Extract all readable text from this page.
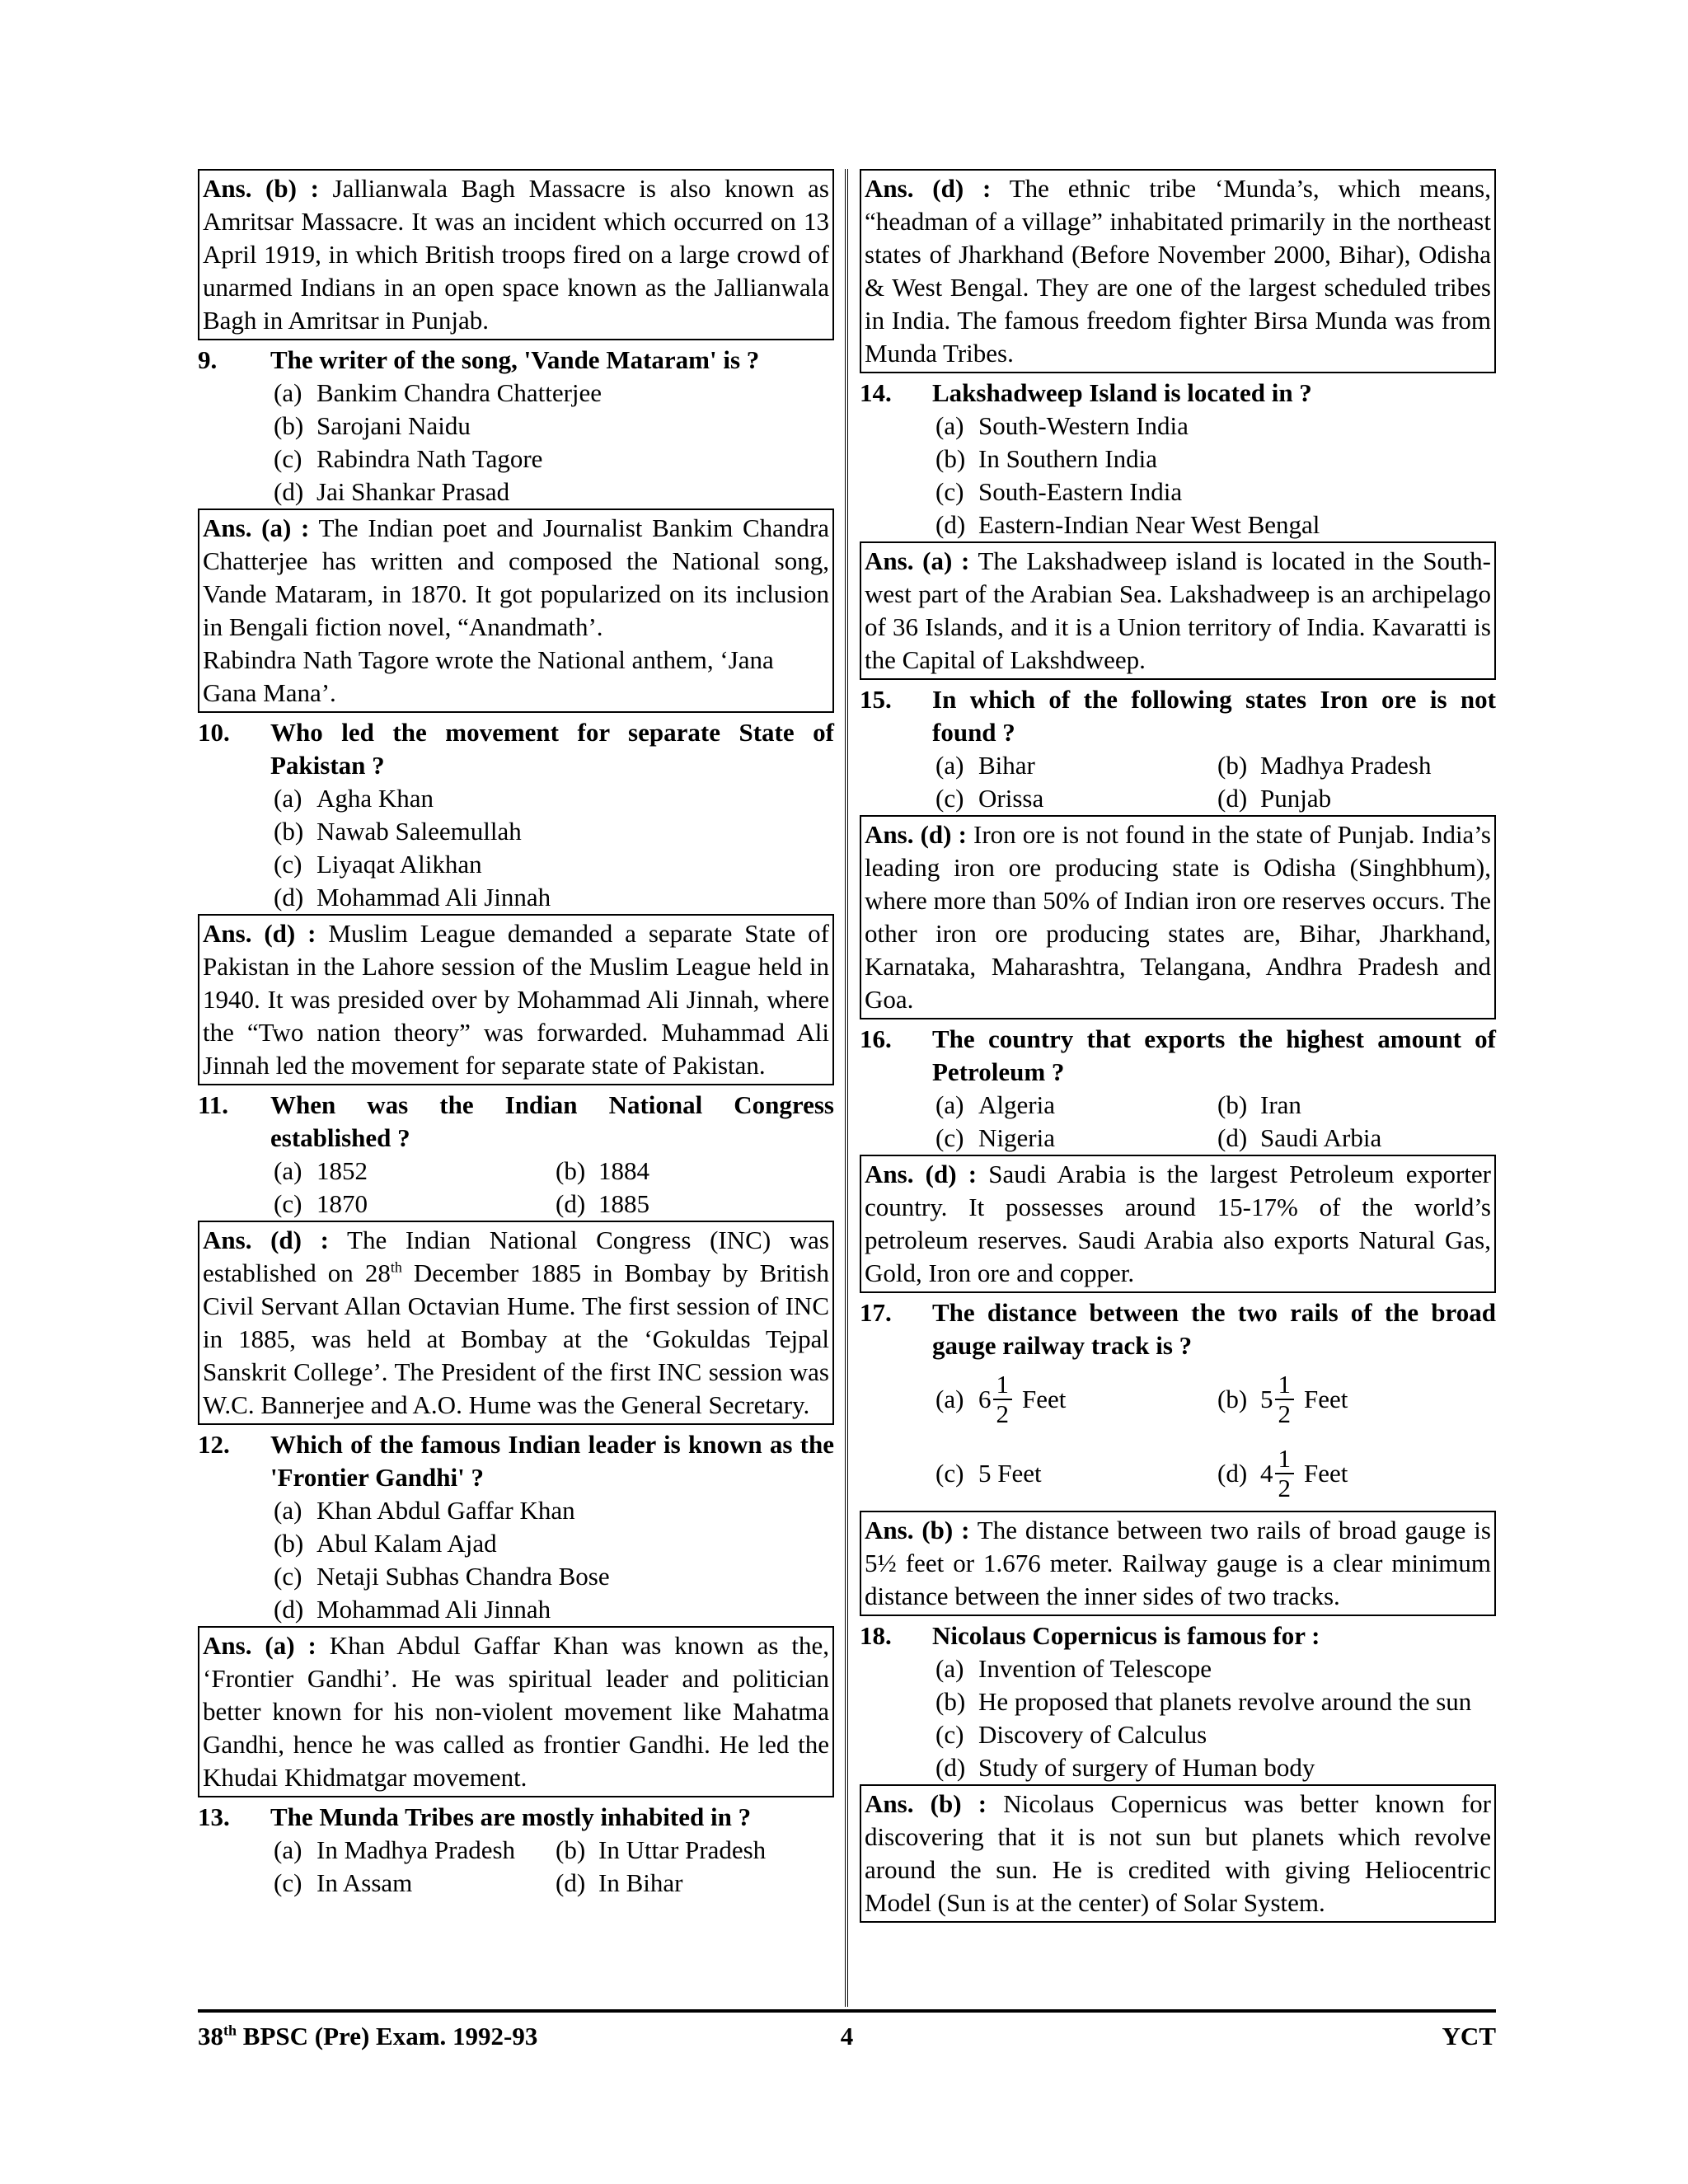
Ans. (b) : Jallianwala Bagh Massacre is also known as Amritsar Massacre. It was an incident which occurred on 13 April 1919, in which British troops fired on a large crowd of unarmed Indians in an open space known as the Jallianwala Bagh in Amritsar in Punjab.

9.	The writer of the song, 'Vande Mataram' is ?
(a) Bankim Chandra Chatterjee
(b) Sarojani Naidu
(c) Rabindra Nath Tagore
(d) Jai Shankar Prasad

Ans. (a) : The Indian poet and Journalist Bankim Chandra Chatterjee has written and composed the National song, Vande Mataram, in 1870. It got popularized on its inclusion in Bengali fiction novel, “Anandmath’.

Rabindra Nath Tagore wrote the National anthem, ‘Jana Gana Mana’.

10.	Who led the movement for separate State of Pakistan ?
(a) Agha Khan
(b) Nawab Saleemullah
(c) Liyaqat Alikhan
(d) Mohammad Ali Jinnah

Ans. (d) : Muslim League demanded a separate State of Pakistan in the Lahore session of the Muslim League held in 1940. It was presided over by Mohammad Ali Jinnah, where the “Two nation theory” was forwarded. Muhammad Ali Jinnah led the movement for separate state of Pakistan.

11.	When was the Indian National Congress established ?
(a) 1852	(b) 1884
(c) 1870	(d) 1885

Ans. (d) : The Indian National Congress (INC) was established on 28th December 1885 in Bombay by British Civil Servant Allan Octavian Hume. The first session of INC in 1885, was held at Bombay at the ‘Gokuldas Tejpal Sanskrit College’. The President of the first INC session was W.C. Bannerjee and A.O. Hume was the General Secretary.

12.	Which of the famous Indian leader is known as the 'Frontier Gandhi' ?
(a) Khan Abdul Gaffar Khan
(b) Abul Kalam Ajad
(c) Netaji Subhas Chandra Bose
(d) Mohammad Ali Jinnah

Ans. (a) : Khan Abdul Gaffar Khan was known as the, ‘Frontier Gandhi’. He was spiritual leader and politician better known for his non-violent movement like Mahatma Gandhi, hence he was called as frontier Gandhi. He led the Khudai Khidmatgar movement.

13.	The Munda Tribes are mostly inhabited in ?
(a) In Madhya Pradesh (b) In Uttar Pradesh
(c) In Assam	(d) In Bihar

Ans. (d) : The ethnic tribe ‘Munda’s, which means, “headman of a village” inhabitated primarily in the northeast states of Jharkhand (Before November 2000, Bihar), Odisha & West Bengal. They are one of the largest scheduled tribes in India. The famous freedom fighter Birsa Munda was from Munda Tribes.

14.	Lakshadweep Island is located in ?
(a) South-Western India
(b) In Southern India
(c) South-Eastern India
(d) Eastern-Indian Near West Bengal

Ans. (a) : The Lakshadweep island is located in the South-west part of the Arabian Sea. Lakshadweep is an archipelago of 36 Islands, and it is a Union territory of India. Kavaratti is the Capital of Lakshdweep.

15.	In which of the following states Iron ore is not found ?
(a) Bihar	(b) Madhya Pradesh
(c) Orissa	(d) Punjab

Ans. (d) : Iron ore is not found in the state of Punjab. India’s leading iron ore producing state is Odisha (Singhbhum), where more than 50% of Indian iron ore reserves occurs. The other iron ore producing states are, Bihar, Jharkhand, Karnataka, Maharashtra, Telangana, Andhra Pradesh and Goa.

16.	The country that exports the highest amount of Petroleum ?
(a) Algeria	(b) Iran
(c) Nigeria	(d) Saudi Arbia

Ans. (d) : Saudi Arabia is the largest Petroleum exporter country. It possesses around 15-17% of the world’s petroleum reserves. Saudi Arabia also exports Natural Gas, Gold, Iron ore and copper.

17.	The distance between the two rails of the broad gauge railway track is ?
(a) $6 \frac{1}{2}$ Feet	(b) $5 \frac{1}{2}$ Feet
(c) 5 Feet	(d) $4 \frac{1}{2}$ Feet

Ans. (b) : The distance between two rails of broad gauge is 5½ feet or 1.676 meter. Railway gauge is a clear minimum distance between the inner sides of two tracks.

18.	Nicolaus Copernicus is famous for :
(a) Invention of Telescope
(b) He proposed that planets revolve around the sun
(c) Discovery of Calculus
(d) Study of surgery of Human body

Ans. (b) : Nicolaus Copernicus was better known for discovering that it is not sun but planets which revolve around the sun. He is credited with giving Heliocentric Model (Sun is at the center) of Solar System.

38th BPSC (Pre) Exam. 1992-93	4	YCT
